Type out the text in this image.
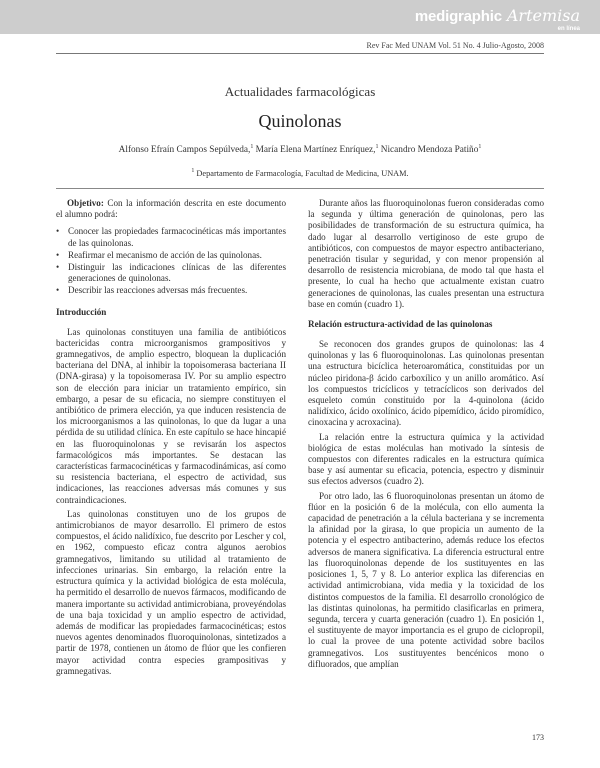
medigraphic Artemisa
en línea
Rev Fac Med UNAM Vol. 51 No. 4 Julio-Agosto, 2008
Actualidades farmacológicas
Quinolonas
Alfonso Efraín Campos Sepúlveda,$^1$ María Elena Martínez Enríquez,$^1$ Nicandro Mendoza Patiño$^1$
$^1$ Departamento de Farmacología, Facultad de Medicina, UNAM.

Objetivo: Con la información descrita en este documento el alumno podrá:

• Conocer las propiedades farmacocinéticas más importantes de las quinolonas.
• Reafirmar el mecanismo de acción de las quinolonas.
• Distinguir las indicaciones clínicas de las diferentes generaciones de quinolonas.
• Describir las reacciones adversas más frecuentes.
Introducción

Las quinolonas constituyen una familia de antibióticos bactericidas contra microorganismos grampositivos y gramnegativos, de amplio espectro, bloquean la duplicación bacteriana del DNA, al inhibir la topoisomerasa bacteriana II (DNA-girasa) y la topoisomerasa IV. Por su amplio espectro son de elección para iniciar un tratamiento empírico, sin embargo, a pesar de su eficacia, no siempre constituyen el antibiótico de primera elección, ya que inducen resistencia de los microorganismos a las quinolonas, lo que da lugar a una pérdida de su utilidad clínica. En este capítulo se hace hincapié en las fluoroquinolonas y se revisarán los aspectos farmacológicos más importantes. Se destacan las características farmacocinéticas y farmacodinámicas, así como su resistencia bacteriana, el espectro de actividad, sus indicaciones, las reacciones adversas más comunes y sus contraindicaciones.

Las quinolonas constituyen uno de los grupos de antimicrobianos de mayor desarrollo. El primero de estos compuestos, el ácido nalidíxico, fue descrito por Lescher y col, en 1962, compuesto eficaz contra algunos aerobios gramnegativos, limitando su utilidad al tratamiento de infecciones urinarias. Sin embargo, la relación entre la estructura química y la actividad biológica de esta molécula, ha permitido el desarrollo de nuevos fármacos, modificando de manera importante su actividad antimicrobiana, proveyéndolas de una baja toxicidad y un amplio espectro de actividad, además de modificar las propiedades farmacocinéticas; estos nuevos agentes denominados fluoroquinolonas, sintetizados a partir de 1978, contienen un átomo de flúor que les confieren mayor actividad contra especies grampositivas y gramnegativas.

Durante años las fluoroquinolonas fueron consideradas como la segunda y última generación de quinolonas, pero las posibilidades de transformación de su estructura química, ha dado lugar al desarrollo vertiginoso de este grupo de antibióticos, con compuestos de mayor espectro antibacteriano, penetración tisular y seguridad, y con menor propensión al desarrollo de resistencia microbiana, de modo tal que hasta el presente, lo cual ha hecho que actualmente existan cuatro generaciones de quinolonas, las cuales presentan una estructura base en común (cuadro 1).

Relación estructura-actividad de las quinolonas

Se reconocen dos grandes grupos de quinolonas: las 4 quinolonas y las 6 fluoroquinolonas. Las quinolonas presentan una estructura bicíclica heteroaromática, constituidas por un núcleo piridona-β ácido carboxílico y un anillo aromático. Así los compuestos tricíclicos y tetracíclicos son derivados del esqueleto común constituido por la 4-quinolona (ácido nalidíxico, ácido oxolínico, ácido pipemídico, ácido piromídico, cinoxacina y acroxacina).

La relación entre la estructura química y la actividad biológica de estas moléculas han motivado la síntesis de compuestos con diferentes radicales en la estructura química base y así aumentar su eficacia, potencia, espectro y disminuir sus efectos adversos (cuadro 2).

Por otro lado, las 6 fluoroquinolonas presentan un átomo de flúor en la posición 6 de la molécula, con ello aumenta la capacidad de penetración a la célula bacteriana y se incrementa la afinidad por la girasa, lo que propicia un aumento de la potencia y el espectro antibacterino, además reduce los efectos adversos de manera significativa. La diferencia estructural entre las fluoroquinolonas depende de los sustituyentes en las posiciones 1, 5, 7 y 8. Lo anterior explica las diferencias en actividad antimicrobiana, vida media y la toxicidad de los distintos compuestos de la familia. El desarrollo cronológico de las distintas quinolonas, ha permitido clasificarlas en primera, segunda, tercera y cuarta generación (cuadro 1). En posición 1, el sustituyente de mayor importancia es el grupo de ciclopropil, lo cual la provee de una potente actividad sobre bacilos gramnegativos. Los sustituyentes bencénicos mono o difluorados, que amplían

173
